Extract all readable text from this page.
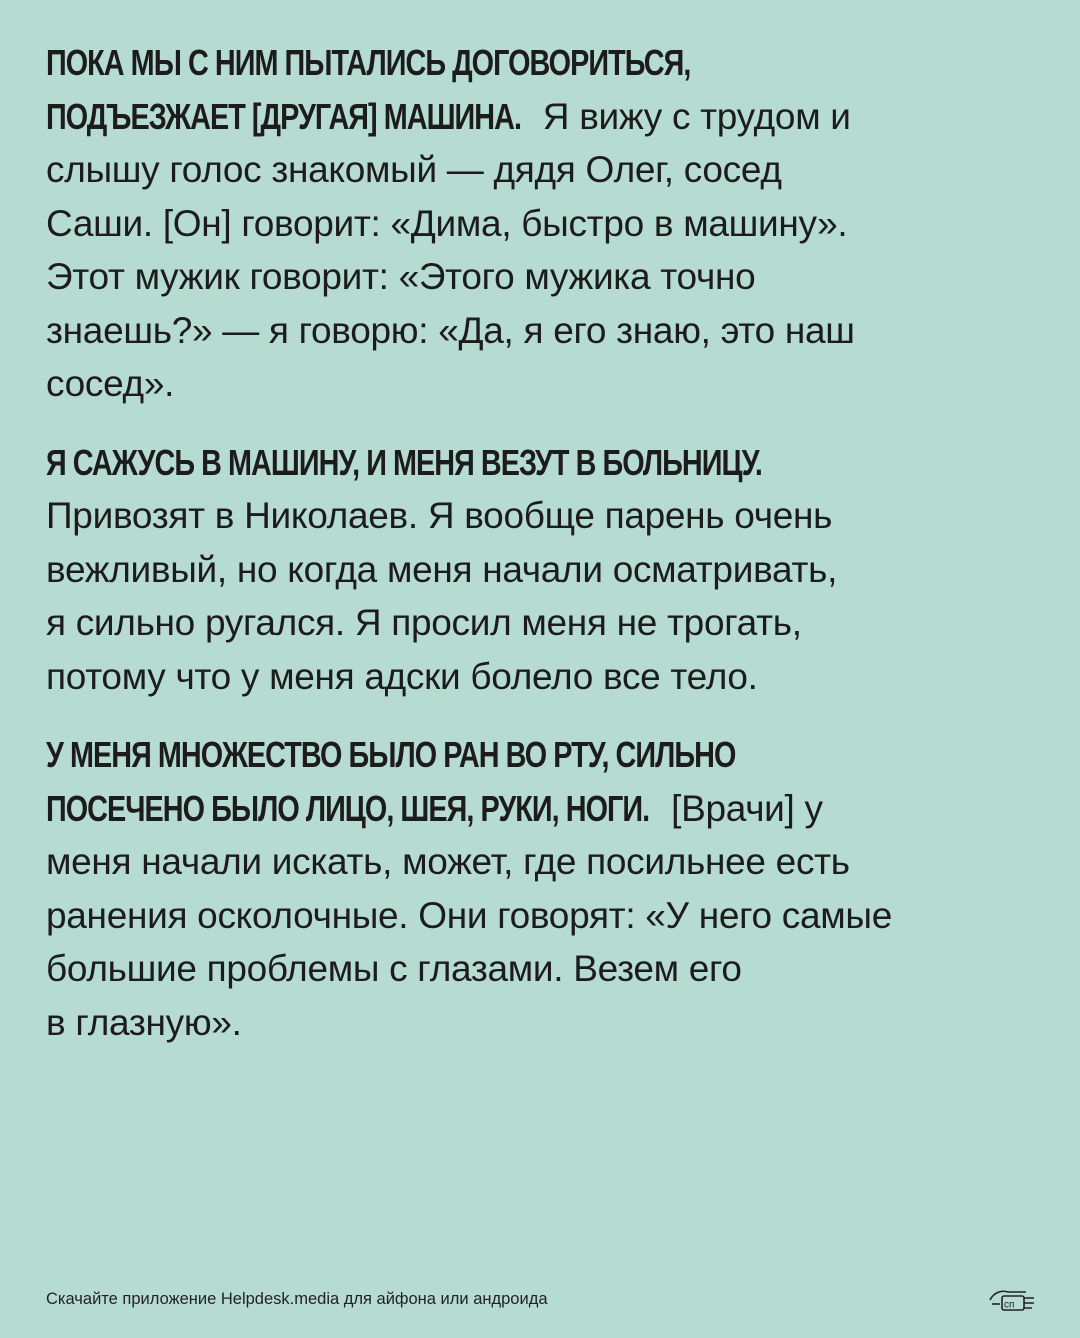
ПОКА МЫ С НИМ ПЫТАЛИСЬ ДОГОВОРИТЬСЯ,
ПОДЪЕЗЖАЕТ [ДРУГАЯ] МАШИНА. Я вижу с трудом и
слышу голос знакомый — дядя Олег, сосед
Саши. [Он] говорит: «Дима, быстро в машину».
Этот мужик говорит: «Этого мужика точно
знаешь?» — я говорю: «Да, я его знаю, это наш
сосед».
Я САЖУСЬ В МАШИНУ, И МЕНЯ ВЕЗУТ В БОЛЬНИЦУ.
Привозят в Николаев. Я вообще парень очень
вежливый, но когда меня начали осматривать,
я сильно ругался. Я просил меня не трогать,
потому что у меня адски болело все тело.
У МЕНЯ МНОЖЕСТВО БЫЛО РАН ВО РТУ, СИЛЬНО
ПОСЕЧЕНО БЫЛО ЛИЦО, ШЕЯ, РУКИ, НОГИ. [Врачи] у
меня начали искать, может, где посильнее есть
ранения осколочные. Они говорят: «У него самые
большие проблемы с глазами. Везем его
в глазную».
Скачайте приложение Helpdesk.media для айфона или андроида	сп
